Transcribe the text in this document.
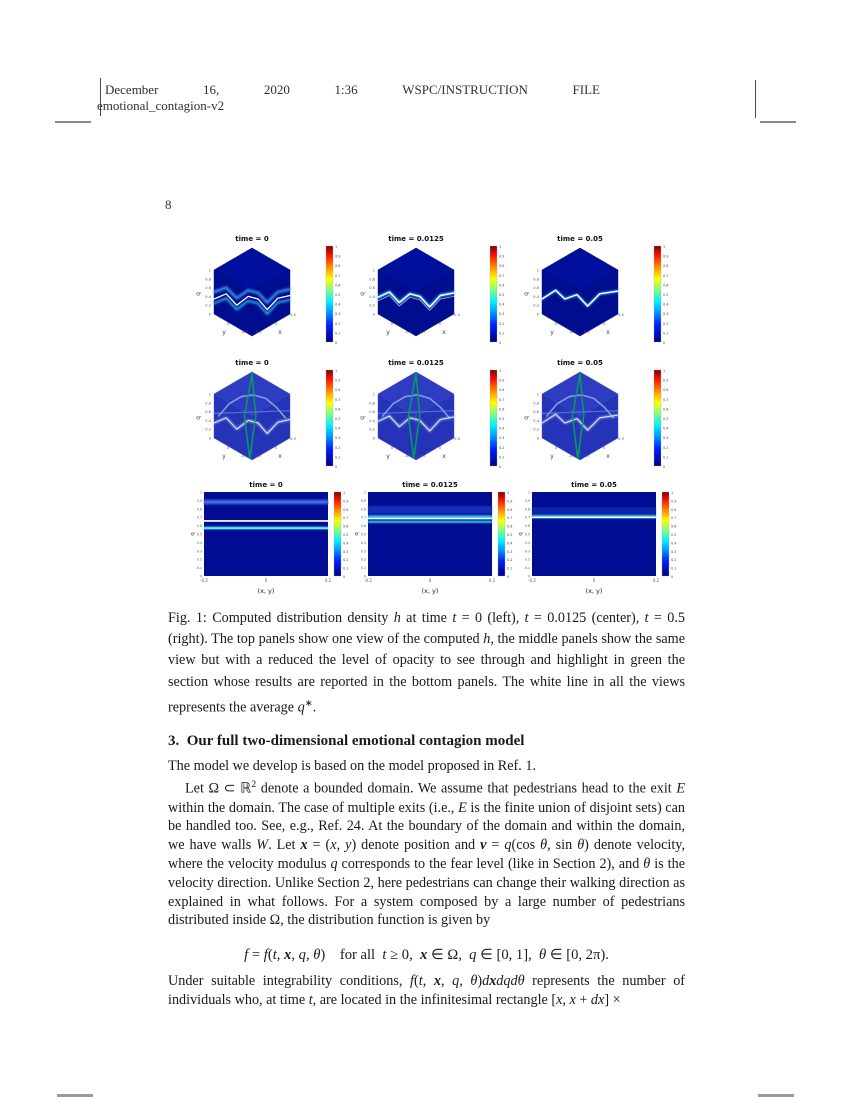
December	16,	2020	1:36	WSPC/INSTRUCTION	FILE
emotional_contagion-v2
8
time = 0
1
0.8
0.6
0.4
0.2
0	0.5
0
-0.5 -0.5
0
q
y	x
1
0.9
0.8
0.7
0.6
0.5
0.4
0.3
0.2
0.1
0
time = 0.0125
1
0.8
0.6
0.4
0.2
0	0.5
0
-0.5 -0.5
0
q
y	x
1
0.9
0.8
0.7
0.6
0.5
0.4
0.3
0.2
0.1
0
time = 0.05
1
0.8
0.6
0.4
0.2
0	0.5
0
-0.5 -0.5
0
q
y	x
1
0.9
0.8
0.7
0.6
0.5
0.4
0.3
0.2
0.1
0
time = 0
1
0.8
0.6
0.4
0.2
0	0.5
0
-0.5 -0.5
0
q
y	x
1
0.9
0.8
0.7
0.6
0.5
0.4
0.3
0.2
0.1
0
time = 0.0125
1
0.8
0.6
0.4
0.2
0	0.5
0
-0.5 -0.5
0
q
y	x
1
0.9
0.8
0.7
0.6
0.5
0.4
0.3
0.2
0.1
0
time = 0.05
1
0.8
0.6
0.4
0.2
0	0.5
0
-0.5 -0.5
0
q
y	x
1
0.9
0.8
0.7
0.6
0.5
0.4
0.3
0.2
0.1
0
time = 0
1
0.9
0.8
0.7
0.6
0.5
0.4
0.3
0.2
0.1
0
-0.2	0	0.2
(x, y)
q
1
0.9
0.8
0.7
0.6
0.5
0.4
0.3
0.2
0.1
0
time = 0.0125
1
0.9
0.8
0.7
0.6
0.5
0.4
0.3
0.2
0.1
0
-0.2	0	0.2
(x, y)
q
1
0.9
0.8
0.7
0.6
0.5
0.4
0.3
0.2
0.1
0
time = 0.05
1
0.9
0.8
0.7
0.6
0.5
0.4
0.3
0.2
0.1
0
-0.2	0	0.2
(x, y)
q
1
0.9
0.8
0.7
0.6
0.5
0.4
0.3
0.2
0.1
0
Fig. 1: Computed distribution density h at time t = 0 (left), t = 0.0125 (center), t = 0.5 (right). The top panels show one view of the computed h, the middle panels show the same view but with a reduced the level of opacity to see through and highlight in green the section whose results are reported in the bottom panels. The white line in all the views represents the average q∗.
3. Our full two-dimensional emotional contagion model
The model we develop is based on the model proposed in Ref. 1.
Let Ω ⊂ ℝ$^2$ denote a bounded domain. We assume that pedestrians head to the exit E within the domain. The case of multiple exits (i.e., E is the finite union of disjoint sets) can be handled too. See, e.g., Ref. 24. At the boundary of the domain and within the domain, we have walls W. Let x = (x, y) denote position and v = q(cos θ, sin θ) denote velocity, where the velocity modulus q corresponds to the fear level (like in Section 2), and θ is the velocity direction. Unlike Section 2, here pedestrians can change their walking direction as explained in what follows. For a system composed by a large number of pedestrians distributed inside Ω, the distribution function is given by
f = f(t, x, q, θ)    for all  t ≥ 0,  x ∈ Ω,  q ∈ [0, 1],  θ ∈ [0, 2π).
Under suitable integrability conditions, f(t, x, q, θ)dxdqdθ represents the number of individuals who, at time t, are located in the infinitesimal rectangle [x, x + dx] ×
